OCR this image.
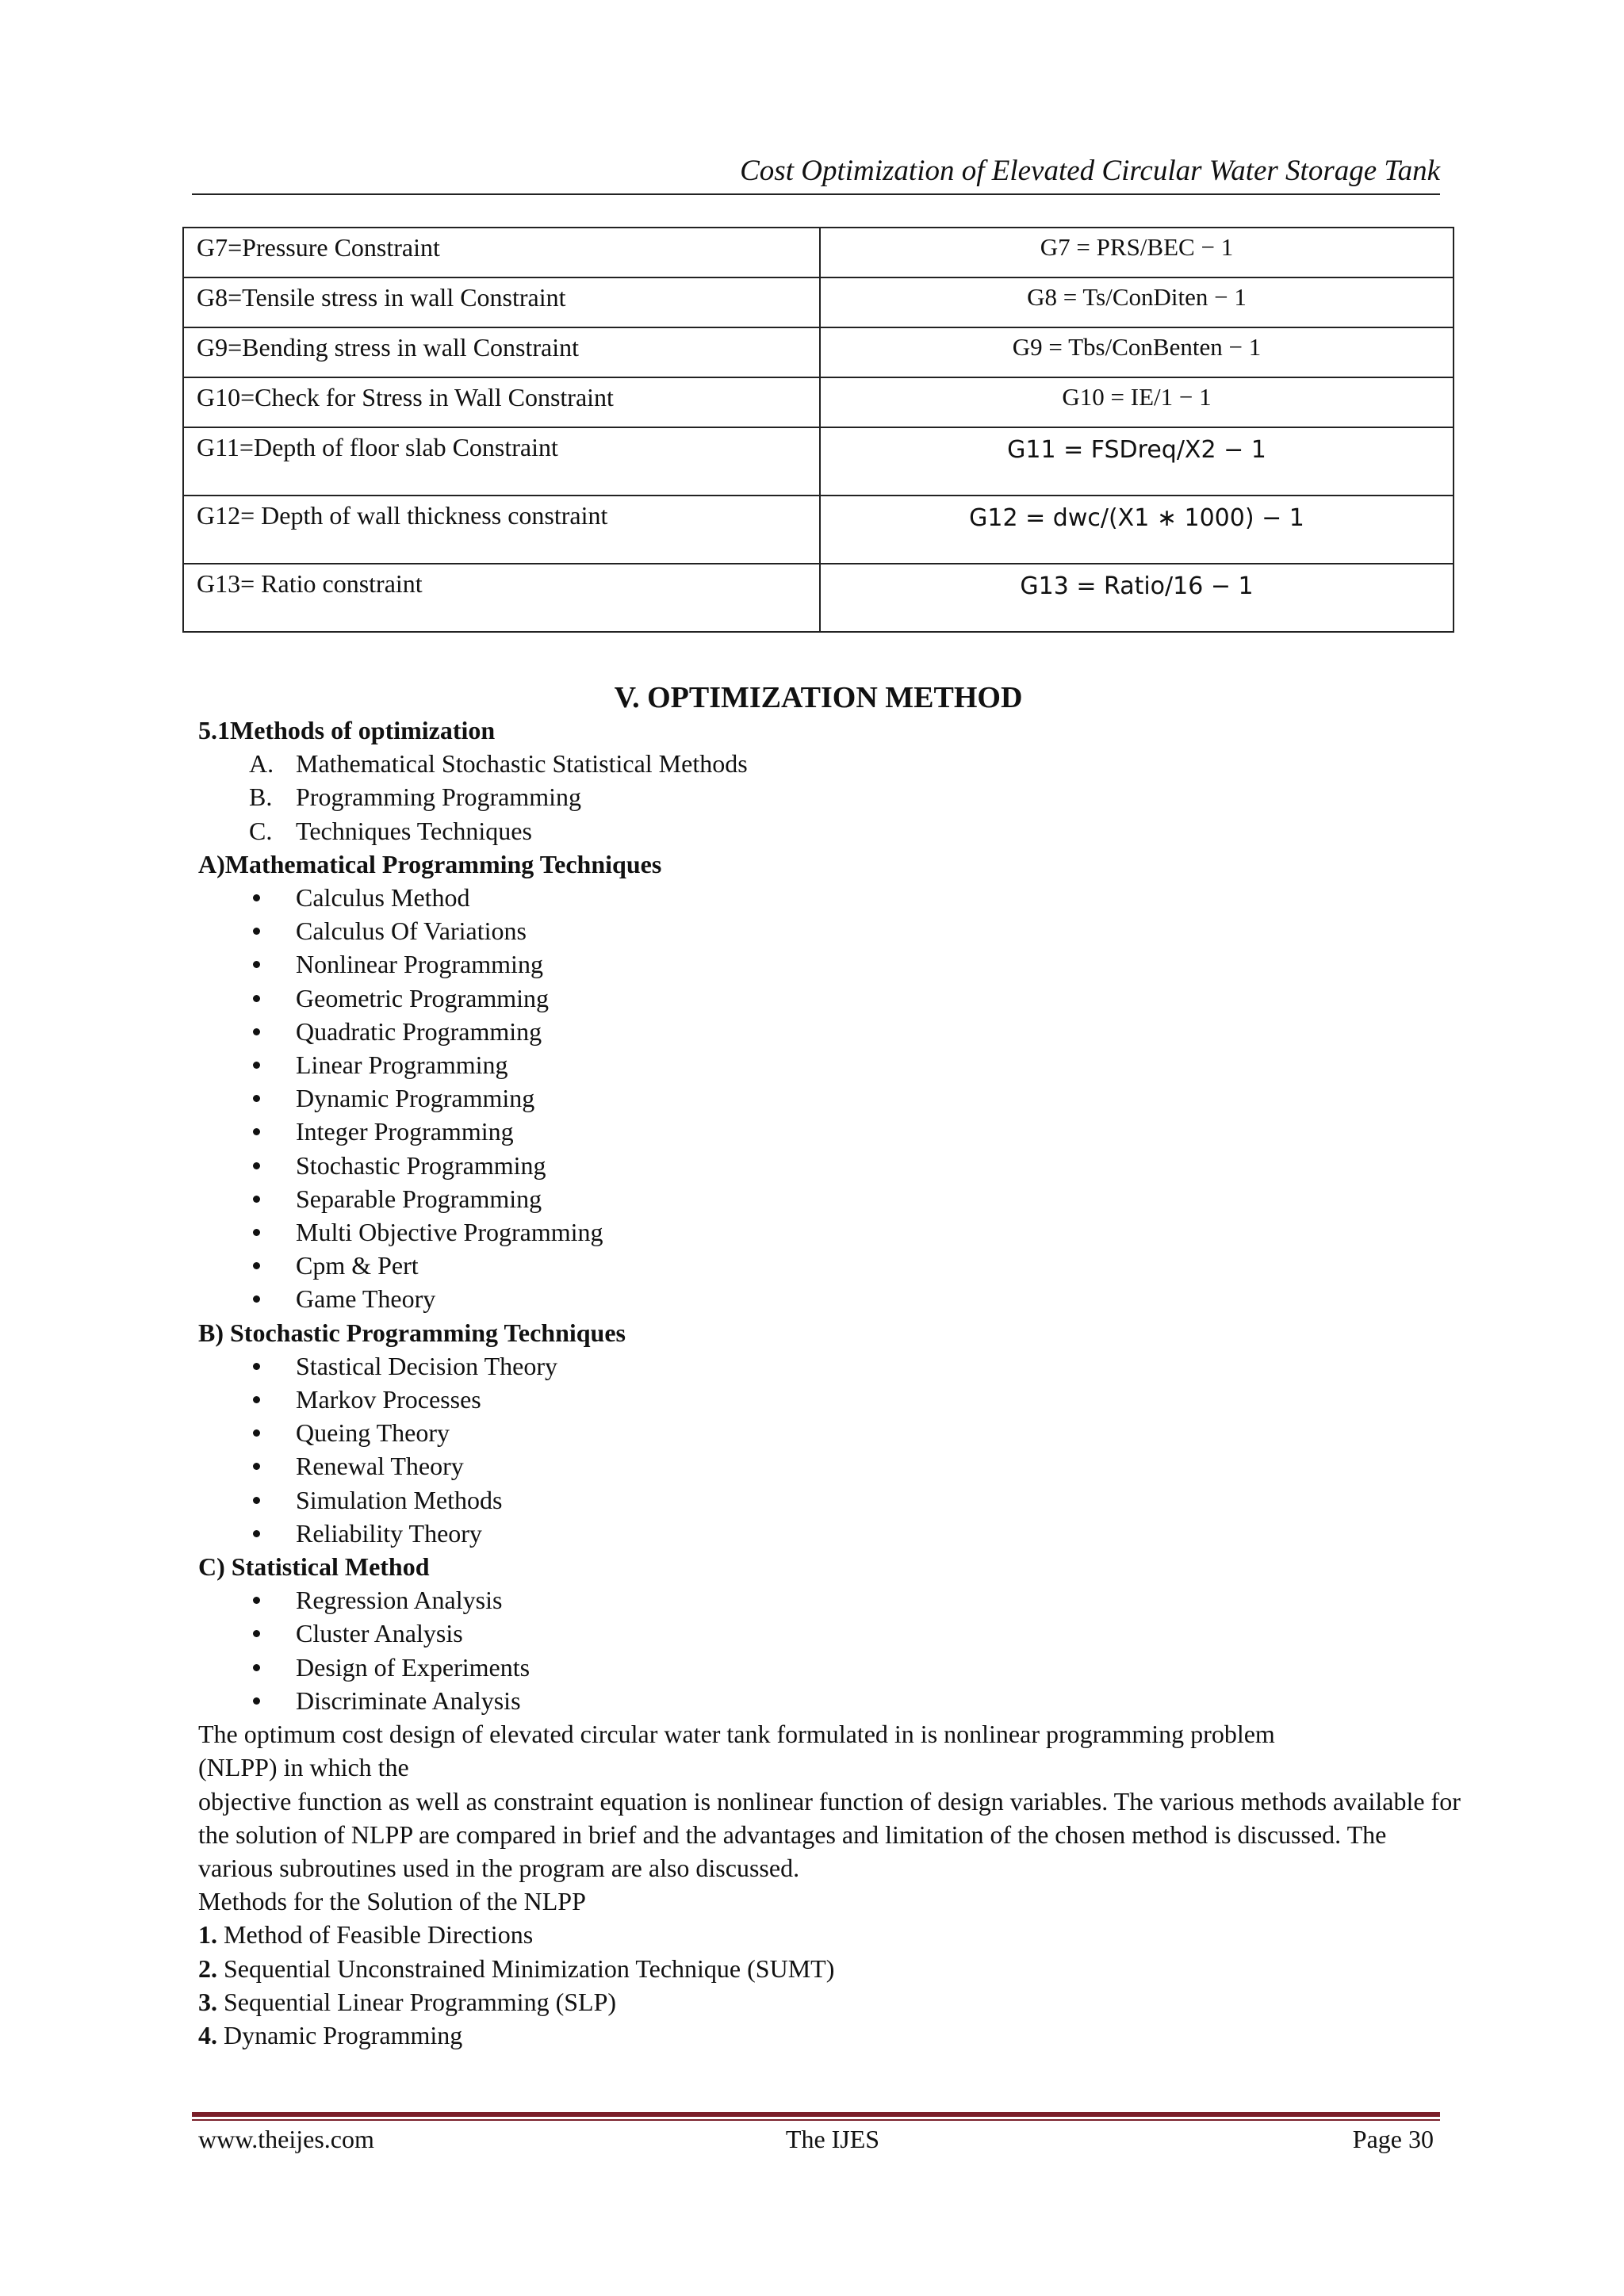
Cost Optimization of Elevated Circular Water Storage Tank
G7=Pressure Constraint	G7 = PRS/BEC − 1
G8=Tensile stress in wall Constraint	G8 = Ts/ConDiten − 1
G9=Bending stress in wall Constraint	G9 = Tbs/ConBenten − 1
G10=Check for Stress in Wall Constraint	G10 = IE/1 − 1
G11=Depth of floor slab Constraint	G11 = FSDreq/X2 − 1
G12= Depth of wall thickness constraint	G12 = dwc/(X1 ∗ 1000) − 1
G13= Ratio constraint	G13 = Ratio/16 − 1
V. OPTIMIZATION METHOD
5.1Methods of optimization
A. Mathematical Stochastic Statistical Methods
B. Programming Programming
C. Techniques Techniques
A)Mathematical Programming Techniques
Calculus Method
Calculus Of Variations
Nonlinear Programming
Geometric Programming
Quadratic Programming
Linear Programming
Dynamic Programming
Integer Programming
Stochastic Programming
Separable Programming
Multi Objective Programming
Cpm & Pert
Game Theory
B) Stochastic Programming Techniques
Stastical Decision Theory
Markov Processes
Queing Theory
Renewal Theory
Simulation Methods
Reliability Theory
C) Statistical Method
Regression Analysis
Cluster Analysis
Design of Experiments
Discriminate Analysis

The optimum cost design of elevated circular water tank formulated in is nonlinear programming problem

(NLPP) in which the

objective function as well as constraint equation is nonlinear function of design variables. The various methods available for the solution of NLPP are compared in brief and the advantages and limitation of the chosen method is discussed. The various subroutines used in the program are also discussed.

Methods for the Solution of the NLPP
1. Method of Feasible Directions
2. Sequential Unconstrained Minimization Technique (SUMT)
3. Sequential Linear Programming (SLP)
4. Dynamic Programming
www.theijes.com	The IJES	Page 30
